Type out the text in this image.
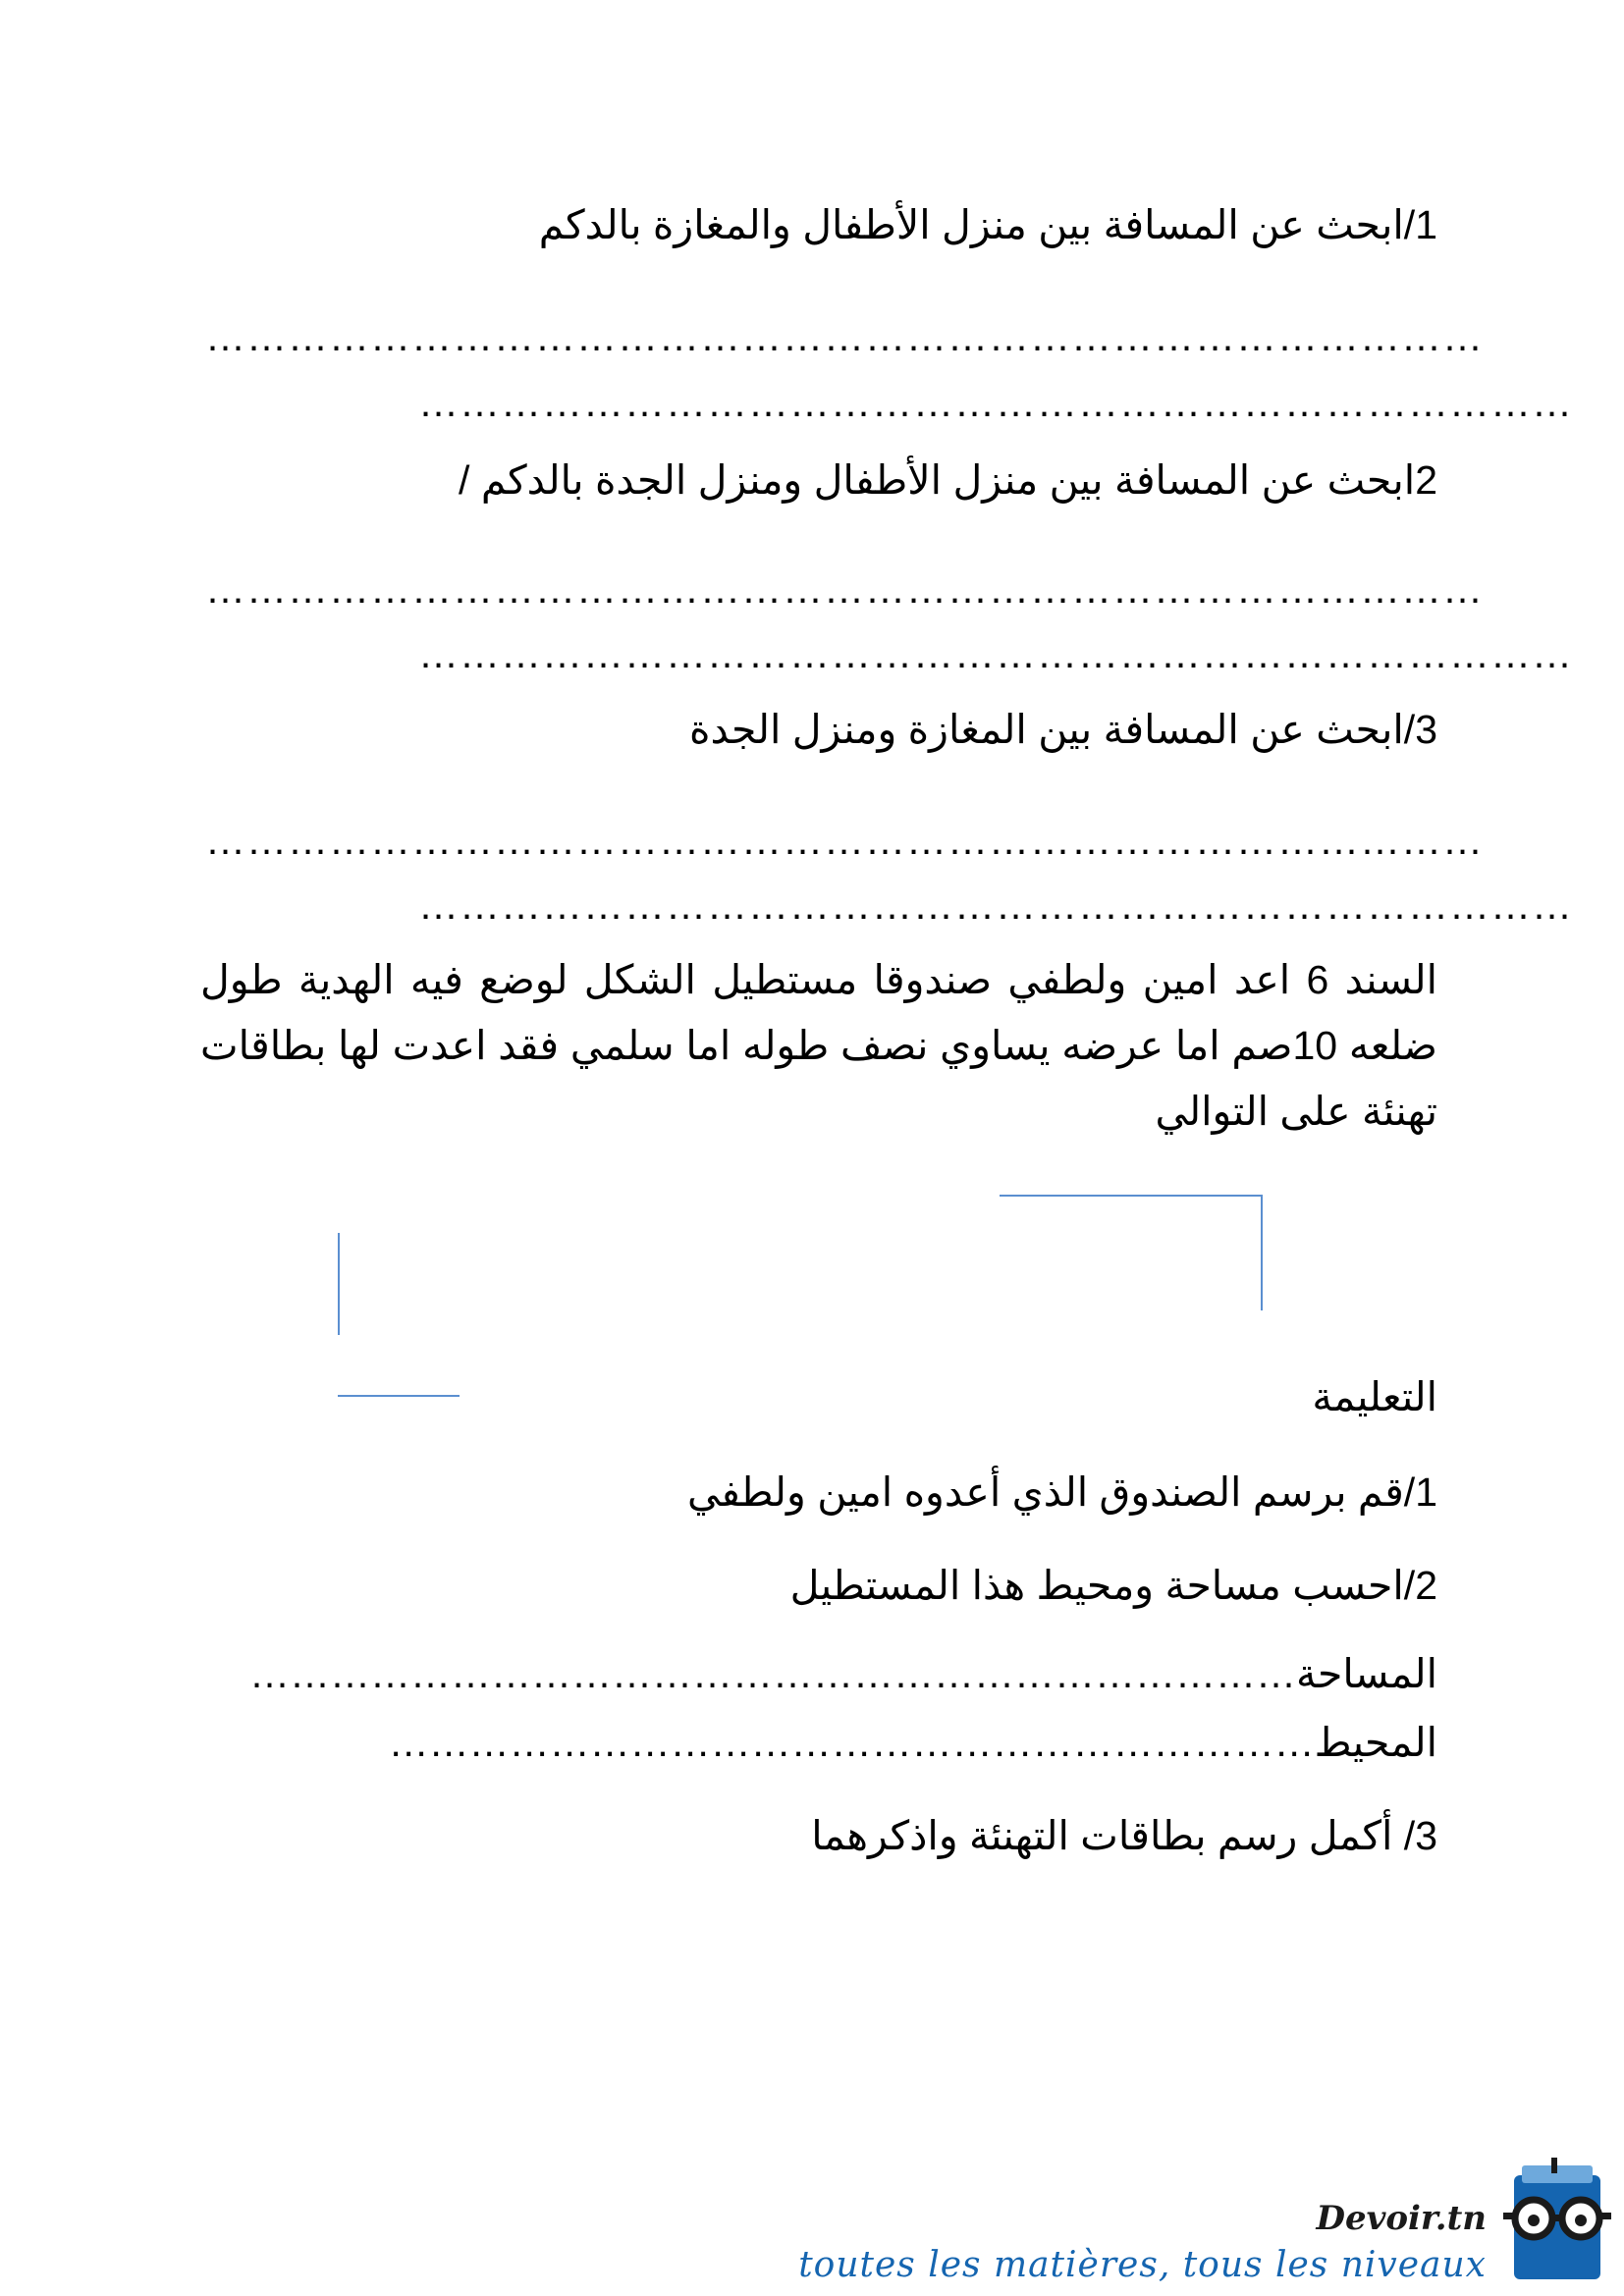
1/ابحث عن المسافة بين منزل الأطفال والمغازة بالدكم
…………………………………………………………………………………
…………………………………………………………………………
2ابحث عن المسافة بين منزل الأطفال ومنزل الجدة بالدكم /
…………………………………………………………………………………
…………………………………………………………………………
3/ابحث عن المسافة بين المغازة ومنزل الجدة
…………………………………………………………………………………
…………………………………………………………………………
السند 6 اعد امين ولطفي صندوقا مستطيل الشكل لوضع فيه الهدية طول ضلعه 10صم اما عرضه يساوي نصف طوله اما سلمي فقد اعدت لها بطاقات تهنئة على التوالي
التعليمة
1/قم برسم الصندوق الذي أعدوه امين ولطفي
2/احسب مساحة ومحيط هذا المستطيل
المساحة……………………………………………………………………
المحيط……………………………………………………………
3/ أكمل رسم بطاقات التهنئة واذكرهما
Devoir.tn
toutes les matières, tous les niveaux
